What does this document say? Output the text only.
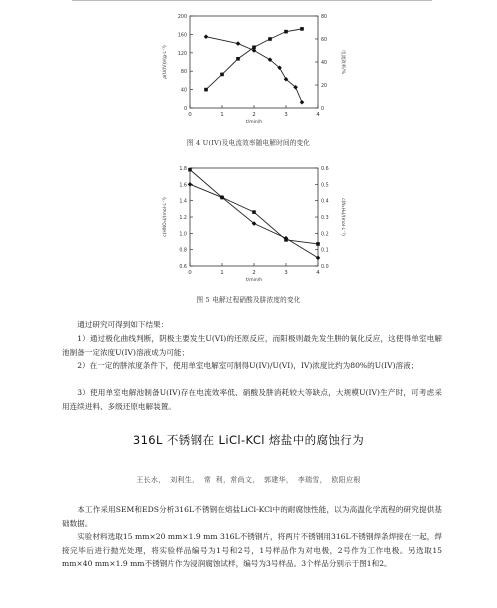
0	1	2	3	4
t/min/h
0
40
80
120
160
200
ρ(U(IV))/(g·L⁻¹)
0
20
40
60
80
电流效率/%
图 4 U(IV)及电流效率随电解时间的变化
0	1	2	3	4
t/min/h
0.6
0.8
1.0
1.2
1.4
1.6
1.8
c(HNO₃)/(mol·L⁻¹)
0.0
0.1
0.2
0.3
0.4
0.5
0.6
c(N₂H₄)/(mol·L⁻¹)
图 5 电解过程硝酸及肼浓度的变化

通过研究可得到如下结果：

1）通过极化曲线判断，阴极主要发生U(VI)的还原反应，而阳极则最先发生肼的氧化反应，这使得单室电解池制备一定浓度U(IV)溶液成为可能；

2）在一定的肼浓度条件下，使用单室电解室可制得U(IV)/U(VI)，IV)浓度比约为80%的U(IV)溶液；

3）使用单室电解池制备U(IV)存在电流效率低、硝酸及肼消耗较大等缺点，大规模U(IV)生产时，可考虑采用连续进料、多级还原电解装置。

316L 不锈钢在 LiCl-KCl 熔盐中的腐蚀行为
王长水， 刘利生， 常 利，常尚文， 郭建华， 李瑞雪， 欧阳应根

本工作采用SEM和EDS分析316L不锈钢在熔盐LiCl-KCl中的耐腐蚀性能，以为高温化学流程的研究提供基础数据。

实验材料选取15 mm×20 mm×1.9 mm 316L不锈钢片，将两片不锈钢用316L不锈钢焊条焊接在一起，焊接完毕后进行抛光处理，将实验样品编号为1号和2号，1号样品作为对电极，2号作为工作电极。另选取15 mm×40 mm×1.9 mm不锈钢片作为浸润腐蚀试样，编号为3号样品。3个样品分别示于图1和2。
